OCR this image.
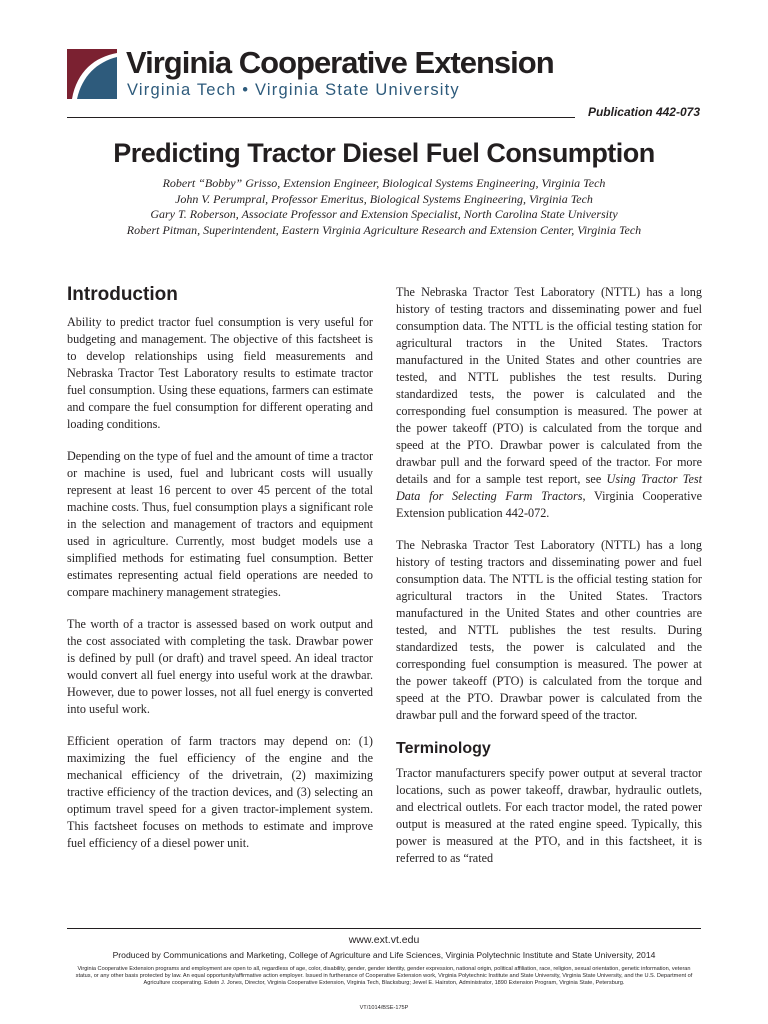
Virginia Cooperative Extension
Virginia Tech • Virginia State University
Publication 442-073
Predicting Tractor Diesel Fuel Consumption
Robert “Bobby” Grisso, Extension Engineer, Biological Systems Engineering, Virginia Tech
John V. Perumpral, Professor Emeritus, Biological Systems Engineering, Virginia Tech
Gary T. Roberson, Associate Professor and Extension Specialist, North Carolina State University
Robert Pitman, Superintendent, Eastern Virginia Agriculture Research and Extension Center, Virginia Tech
Introduction

Ability to predict tractor fuel consumption is very useful for budgeting and management. The objective of this factsheet is to develop relationships using field measurements and Nebraska Tractor Test Laboratory results to estimate tractor fuel consumption. Using these equations, farmers can estimate and compare the fuel consumption for different operating and loading conditions.

Depending on the type of fuel and the amount of time a tractor or machine is used, fuel and lubricant costs will usually represent at least 16 percent to over 45 percent of the total machine costs. Thus, fuel consumption plays a significant role in the selection and management of tractors and equipment used in agriculture. Currently, most budget models use a simplified methods for estimating fuel consumption. Better estimates representing actual field operations are needed to compare machinery management strategies.

The worth of a tractor is assessed based on work output and the cost associated with completing the task. Drawbar power is defined by pull (or draft) and travel speed. An ideal tractor would convert all fuel energy into useful work at the drawbar. However, due to power losses, not all fuel energy is converted into useful work.

Efficient operation of farm tractors may depend on: (1) maximizing the fuel efficiency of the engine and the mechanical efficiency of the drivetrain, (2) maximizing tractive efficiency of the traction devices, and (3) selecting an optimum travel speed for a given tractor-implement system. This factsheet focuses on methods to estimate and improve fuel efficiency of a diesel power unit.

The Nebraska Tractor Test Laboratory (NTTL) has a long history of testing tractors and disseminating power and fuel consumption data. The NTTL is the official testing station for agricultural tractors in the United States. Tractors manufactured in the United States and other countries are tested, and NTTL publishes the test results. During standardized tests, the power is calculated and the corresponding fuel consumption is measured. The power at the power takeoff (PTO) is calculated from the torque and speed at the PTO. Drawbar power is calculated from the drawbar pull and the forward speed of the tractor. For more details and for a sample test report, see Using Tractor Test Data for Selecting Farm Tractors, Virginia Cooperative Extension publication 442-072.

The Nebraska Tractor Test Laboratory (NTTL) has a long history of testing tractors and disseminating power and fuel consumption data. The NTTL is the official testing station for agricultural tractors in the United States. Tractors manufactured in the United States and other countries are tested, and NTTL publishes the test results. During standardized tests, the power is calculated and the corresponding fuel consumption is measured. The power at the power takeoff (PTO) is calculated from the torque and speed at the PTO. Drawbar power is calculated from the drawbar pull and the forward speed of the tractor.

Terminology

Tractor manufacturers specify power output at several tractor locations, such as power takeoff, drawbar, hydraulic outlets, and electrical outlets. For each tractor model, the rated power output is measured at the rated engine speed. Typically, this power is measured at the PTO, and in this factsheet, it is referred to as “rated

www.ext.vt.edu
Produced by Communications and Marketing, College of Agriculture and Life Sciences, Virginia Polytechnic Institute and State University, 2014
Virginia Cooperative Extension programs and employment are open to all, regardless of age, color, disability, gender, gender identity, gender expression, national origin, political affiliation, race, religion, sexual orientation, genetic information, veteran status, or any other basis protected by law. An equal opportunity/affirmative action employer. Issued in furtherance of Cooperative Extension work, Virginia Polytechnic Institute and State University, Virginia State University, and the U.S. Department of Agriculture cooperating. Edwin J. Jones, Director, Virginia Cooperative Extension, Virginia Tech, Blacksburg; Jewel E. Hairston, Administrator, 1890 Extension Program, Virginia State, Petersburg.
VT/1014/BSE-175P
